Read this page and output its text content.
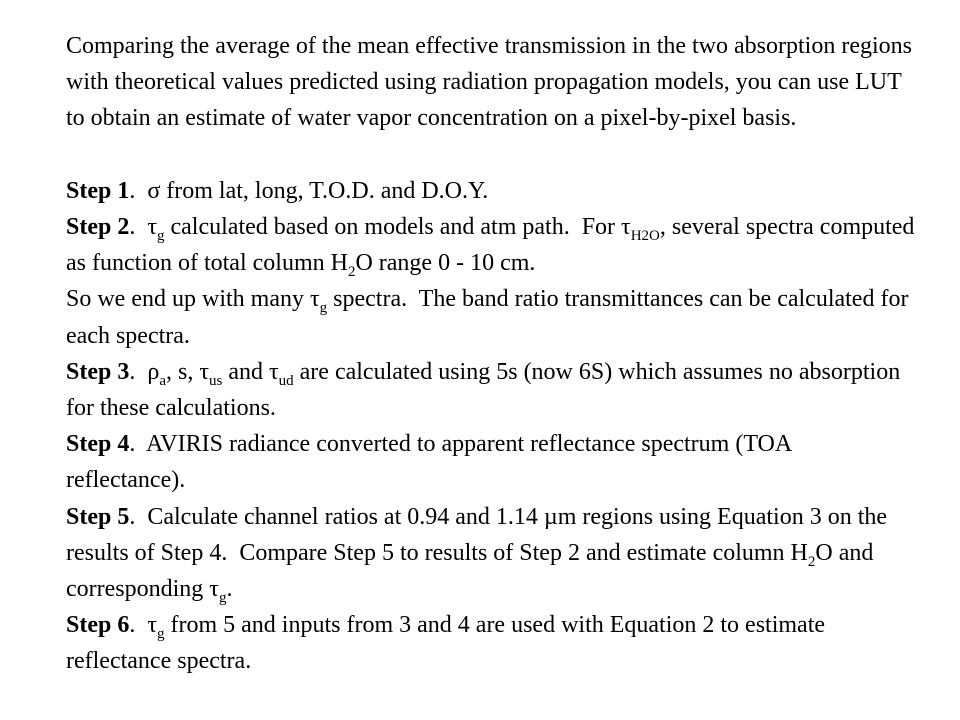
Comparing the average of the mean effective transmission in the two absorption regions with theoretical values predicted using radiation propagation models, you can use LUT to obtain an estimate of water vapor concentration on a pixel-by-pixel basis.

Step 1.  σ from lat, long, T.O.D. and D.O.Y.

Step 2.  $\tau_g$ calculated based on models and atm path.  For $\tau_{H2O}$, several spectra computed as function of total column $H_2O$ range 0 - 10 cm.

So we end up with many $\tau_g$ spectra.  The band ratio transmittances can be calculated for each spectra.

Step 3.  $\rho_a$, s, $\tau_{us}$ and $\tau_{ud}$ are calculated using 5s (now 6S) which assumes no absorption for these calculations.

Step 4.  AVIRIS radiance converted to apparent reflectance spectrum (TOA reflectance).

Step 5.  Calculate channel ratios at 0.94 and 1.14 µm regions using Equation 3 on the results of Step 4.  Compare Step 5 to results of Step 2 and estimate column $H_2O$ and corresponding $\tau_g$.

Step 6.  $\tau_g$ from 5 and inputs from 3 and 4 are used with Equation 2 to estimate reflectance spectra.
